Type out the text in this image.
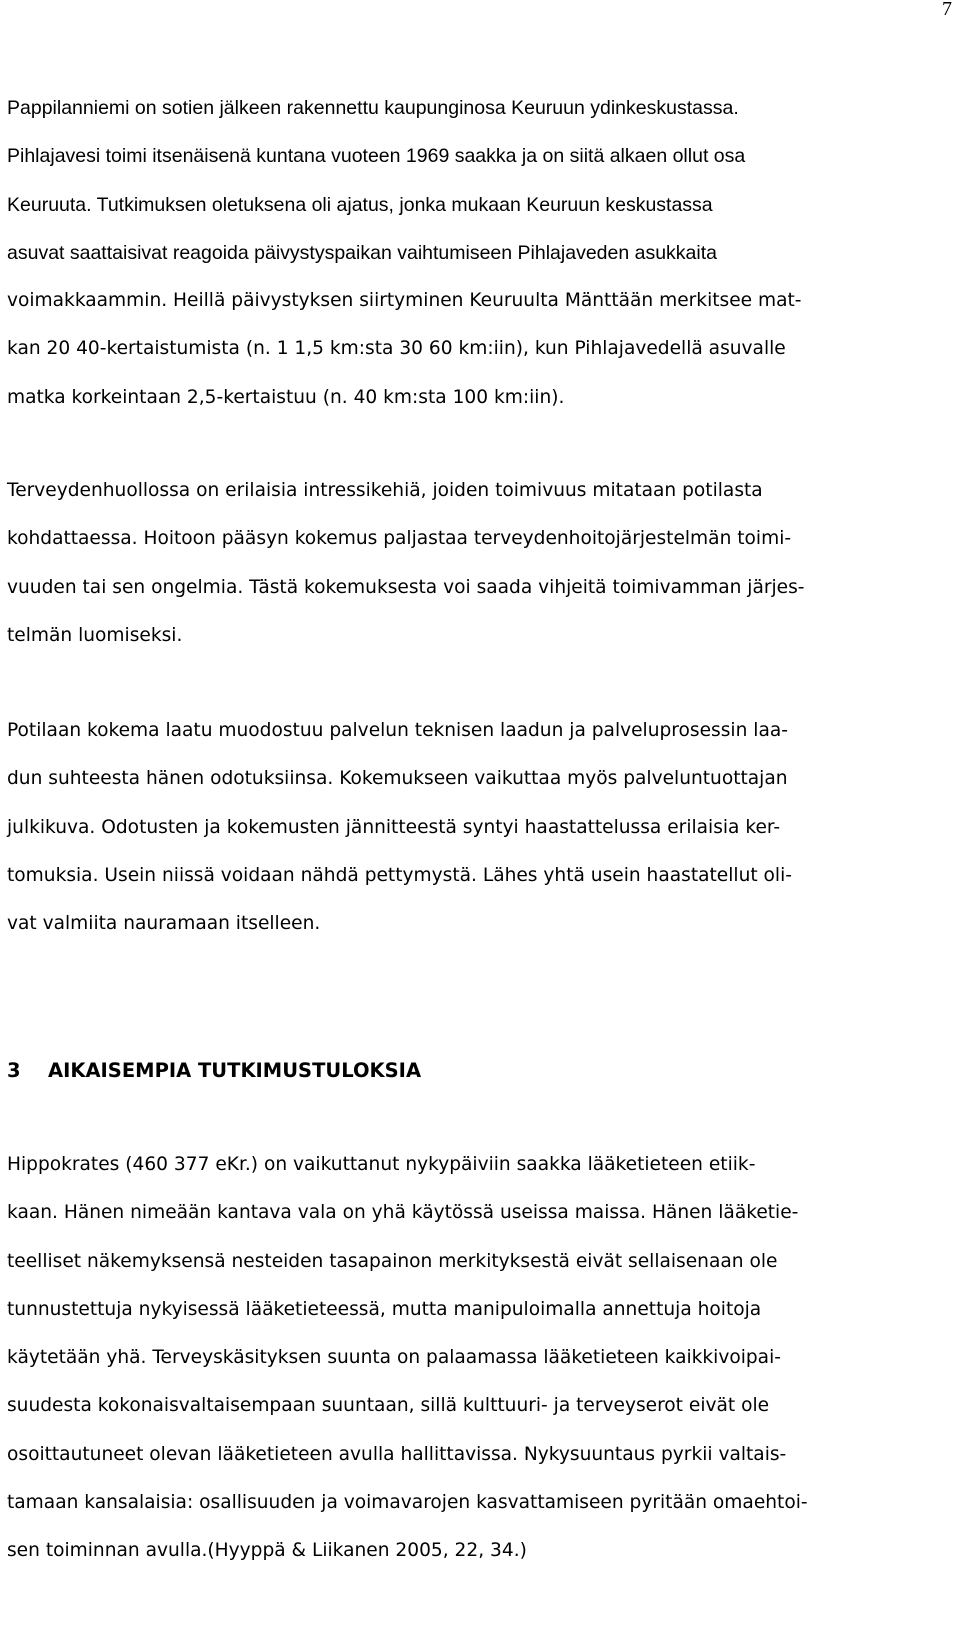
7
Pappilanniemi on sotien jälkeen rakennettu kaupunginosa Keuruun ydinkeskustassa.
Pihlajavesi toimi itsenäisenä kuntana vuoteen 1969 saakka ja on siitä alkaen ollut osa
Keuruuta. Tutkimuksen oletuksena oli ajatus, jonka mukaan Keuruun keskustassa
asuvat saattaisivat reagoida päivystyspaikan vaihtumiseen Pihlajaveden asukkaita
voimakkaammin. Heillä päivystyksen siirtyminen Keuruulta Mänttään merkitsee mat-
kan 20 40-kertaistumista (n. 1 1,5 km:sta 30 60 km:iin), kun Pihlajavedellä asuvalle
matka korkeintaan 2,5-kertaistuu (n. 40 km:sta 100 km:iin).
Terveydenhuollossa on erilaisia intressikehiä, joiden toimivuus mitataan potilasta
kohdattaessa. Hoitoon pääsyn kokemus paljastaa terveydenhoitojärjestelmän toimi-
vuuden tai sen ongelmia. Tästä kokemuksesta voi saada vihjeitä toimivamman järjes-
telmän luomiseksi.
Potilaan kokema laatu muodostuu palvelun teknisen laadun ja palveluprosessin laa-
dun suhteesta hänen odotuksiinsa. Kokemukseen vaikuttaa myös palveluntuottajan
julkikuva. Odotusten ja kokemusten jännitteestä syntyi haastattelussa erilaisia ker-
tomuksia. Usein niissä voidaan nähdä pettymystä. Lähes yhtä usein haastatellut oli-
vat valmiita nauramaan itselleen.
3 AIKAISEMPIA TUTKIMUSTULOKSIA
Hippokrates (460 377 eKr.) on vaikuttanut nykypäiviin saakka lääketieteen etiik-
kaan. Hänen nimeään kantava vala on yhä käytössä useissa maissa. Hänen lääketie-
teelliset näkemyksensä nesteiden tasapainon merkityksestä eivät sellaisenaan ole
tunnustettuja nykyisessä lääketieteessä, mutta manipuloimalla annettuja hoitoja
käytetään yhä. Terveyskäsityksen suunta on palaamassa lääketieteen kaikkivoipai-
suudesta kokonaisvaltaisempaan suuntaan, sillä kulttuuri- ja terveyserot eivät ole
osoittautuneet olevan lääketieteen avulla hallittavissa. Nykysuuntaus pyrkii valtais-
tamaan kansalaisia: osallisuuden ja voimavarojen kasvattamiseen pyritään omaehtoi-
sen toiminnan avulla.(Hyyppä & Liikanen 2005, 22, 34.)
